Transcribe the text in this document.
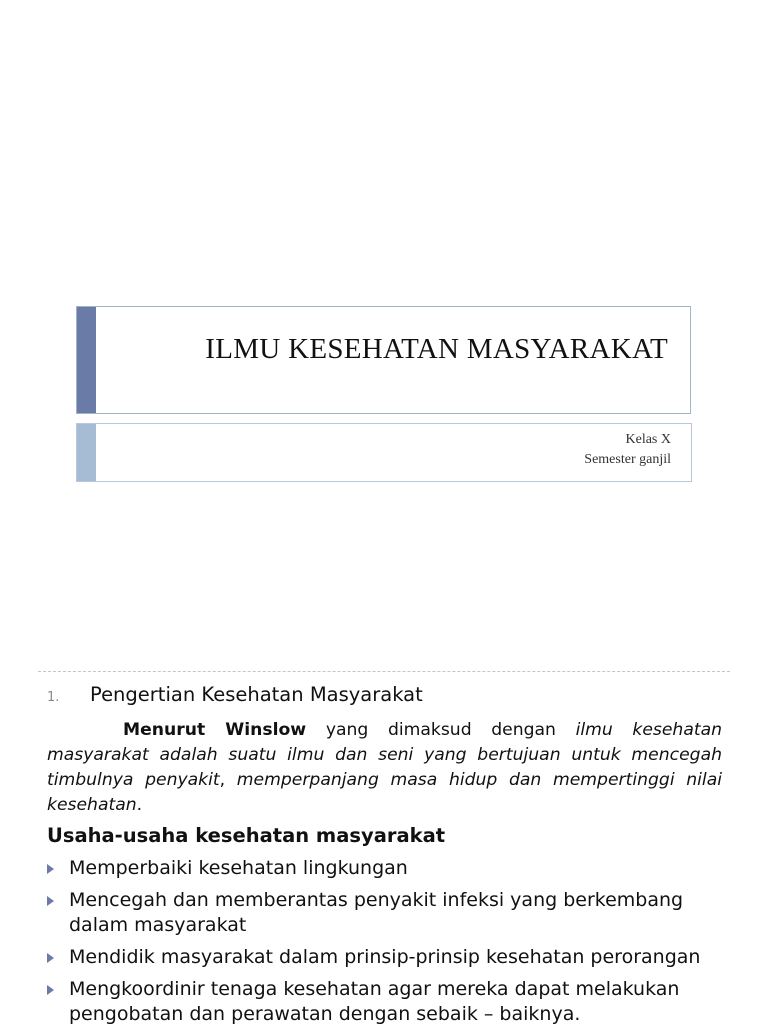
ILMU KESEHATAN MASYARAKAT
Kelas X
Semester ganjil
1. Pengertian Kesehatan Masyarakat
Menurut Winslow yang dimaksud dengan ilmu kesehatan masyarakat adalah suatu ilmu dan seni yang bertujuan untuk mencegah timbulnya penyakit, memperpanjang masa hidup dan mempertinggi nilai kesehatan.
Usaha-usaha kesehatan masyarakat
Memperbaiki kesehatan lingkungan
Mencegah dan memberantas penyakit infeksi yang berkembang dalam masyarakat
Mendidik masyarakat dalam prinsip-prinsip kesehatan perorangan
Mengkoordinir tenaga kesehatan agar mereka dapat melakukan pengobatan dan perawatan dengan sebaik – baiknya.
